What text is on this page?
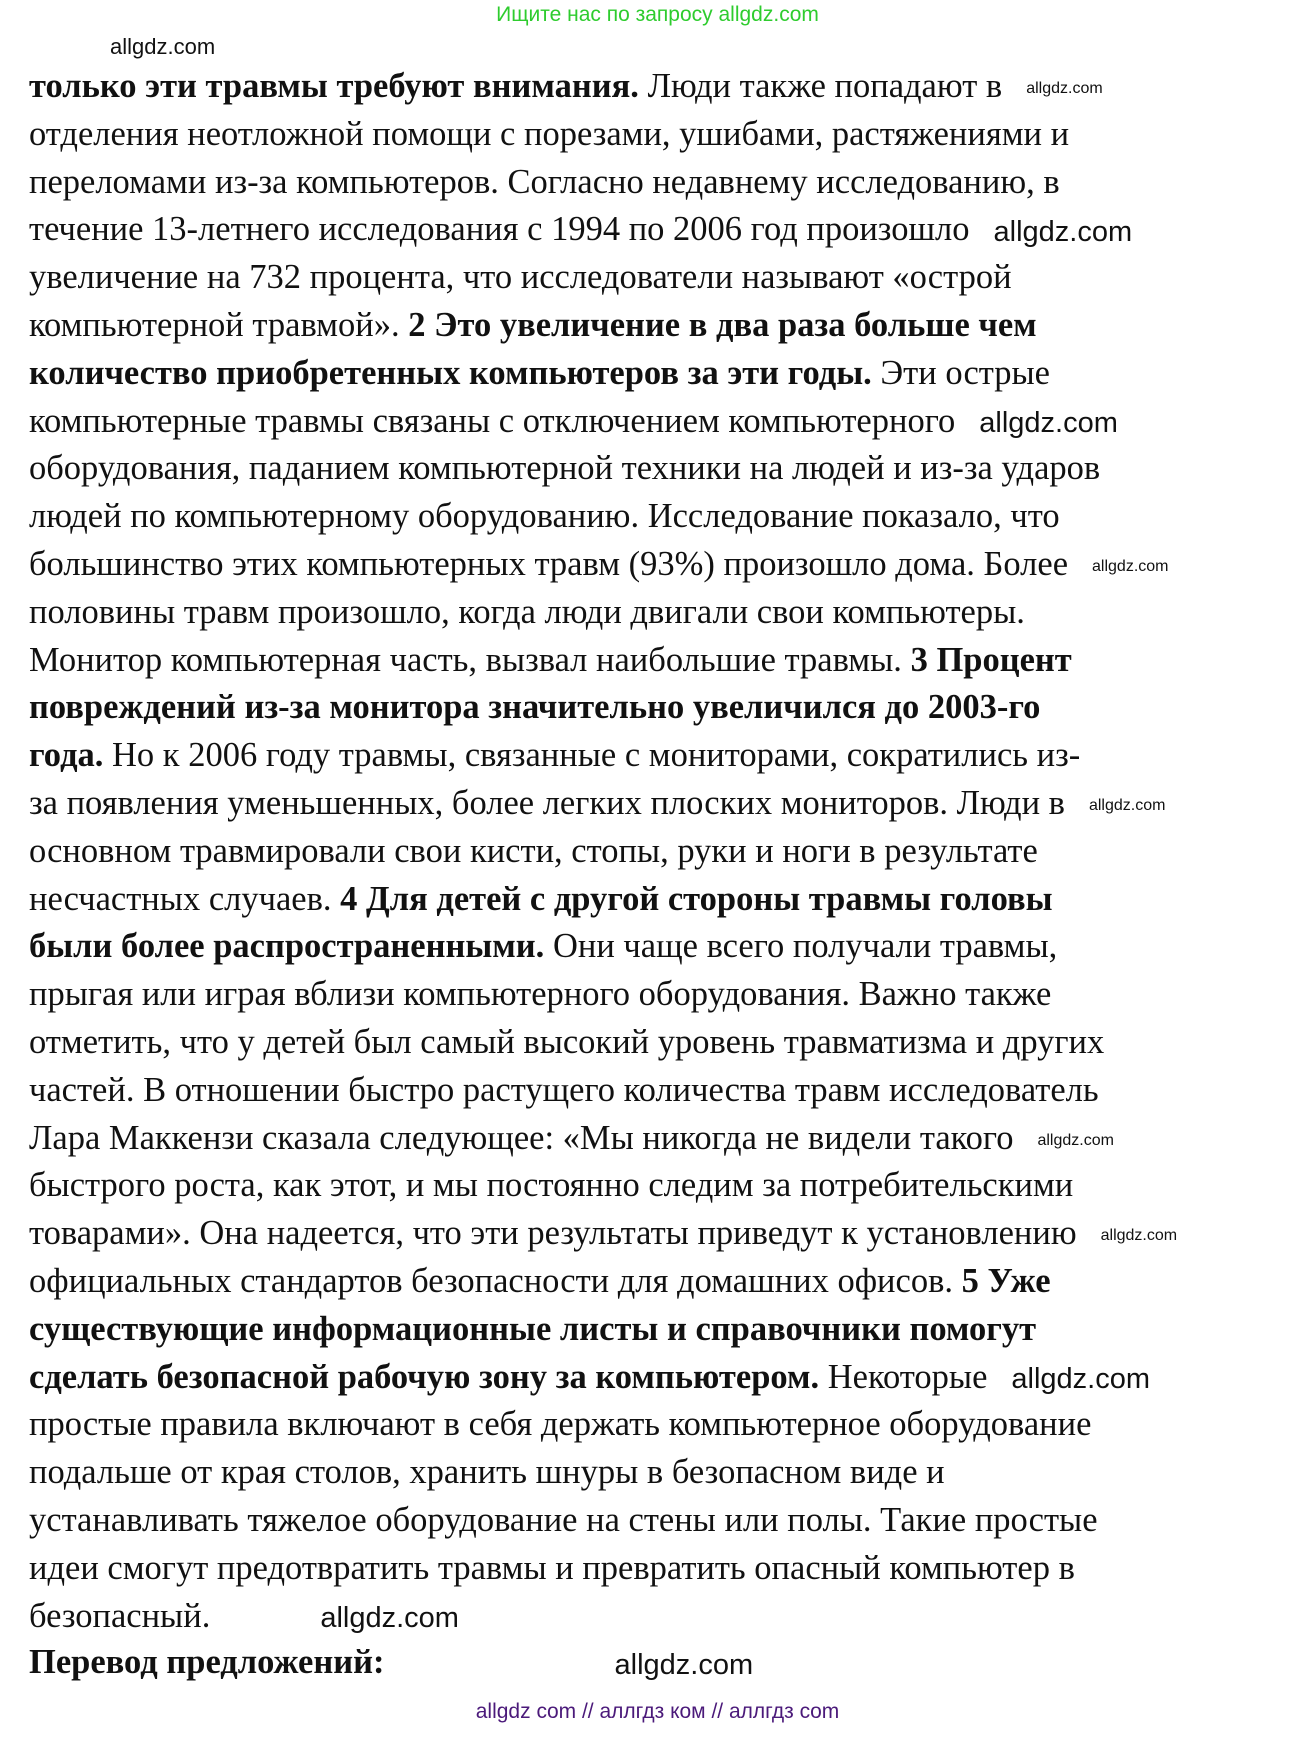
Ищите нас по запросу allgdz.com
allgdz.com
только эти травмы требуют внимания. Люди также попадают в allgdz.com
отделения неотложной помощи с порезами, ушибами, растяжениями и
переломами из-за компьютеров. Согласно недавнему исследованию, в
течение 13-летнего исследования с 1994 по 2006 год произошло allgdz.com
увеличение на 732 процента, что исследователи называют «острой
компьютерной травмой». 2 Это увеличение в два раза больше чем
количество приобретенных компьютеров за эти годы. Эти острые
компьютерные травмы связаны с отключением компьютерного allgdz.com
оборудования, паданием компьютерной техники на людей и из-за ударов
людей по компьютерному оборудованию. Исследование показало, что
большинство этих компьютерных травм (93%) произошло дома. Более allgdz.com
половины травм произошло, когда люди двигали свои компьютеры.
Монитор компьютерная часть, вызвал наибольшие травмы. 3 Процент
повреждений из-за монитора значительно увеличился до 2003-го
года. Но к 2006 году травмы, связанные с мониторами, сократились из-
за появления уменьшенных, более легких плоских мониторов. Люди в allgdz.com
основном травмировали свои кисти, стопы, руки и ноги в результате
несчастных случаев. 4 Для детей с другой стороны травмы головы
были более распространенными. Они чаще всего получали травмы,
прыгая или играя вблизи компьютерного оборудования. Важно также
отметить, что у детей был самый высокий уровень травматизма и других
частей. В отношении быстро растущего количества травм исследователь
Лара Маккензи сказала следующее: «Мы никогда не видели такого allgdz.com
быстрого роста, как этот, и мы постоянно следим за потребительскими
товарами». Она надеется, что эти результаты приведут к установлению allgdz.com
официальных стандартов безопасности для домашних офисов. 5 Уже
существующие информационные листы и справочники помогут
сделать безопасной рабочую зону за компьютером. Некоторые allgdz.com
простые правила включают в себя держать компьютерное оборудование
подальше от края столов, хранить шнуры в безопасном виде и
устанавливать тяжелое оборудование на стены или полы. Такие простые
идеи смогут предотвратить травмы и превратить опасный компьютер в
безопасный.	allgdz.com
Перевод предложений:	allgdz.com
allgdz com // аллгдз ком // аллгдз com
